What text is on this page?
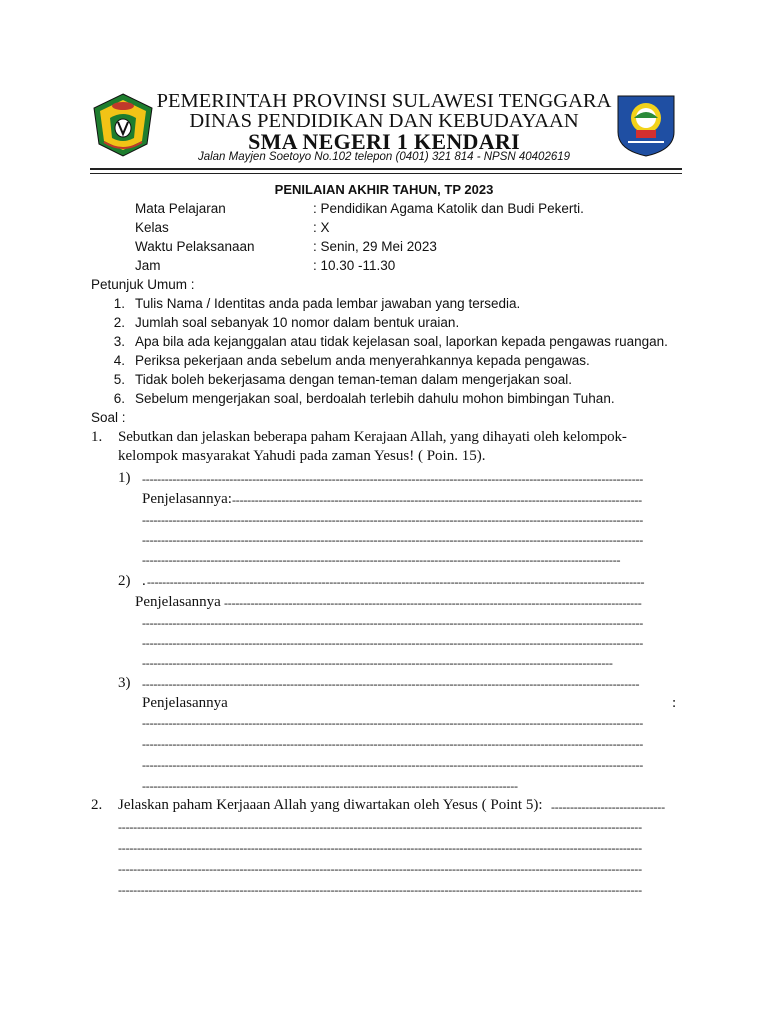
PEMERINTAH PROVINSI SULAWESI TENGGARA
DINAS PENDIDIKAN DAN KEBUDAYAAN
SMA NEGERI 1 KENDARI
Jalan Mayjen Soetoyo No.102 telepon (0401) 321 814 - NPSN 40402619
PENILAIAN AKHIR TAHUN, TP 2023
Mata Pelajaran	: Pendidikan Agama Katolik dan Budi Pekerti.
Kelas	: X
Waktu Pelaksanaan	: Senin, 29 Mei 2023
Jam	: 10.30 -11.30
Petunjuk Umum :
1. Tulis Nama / Identitas anda pada lembar jawaban yang tersedia.
2. Jumlah soal sebanyak 10 nomor dalam bentuk uraian.
3. Apa bila ada kejanggalan atau tidak kejelasan soal, laporkan kepada pengawas ruangan.
4. Periksa pekerjaan anda sebelum anda menyerahkannya kepada pengawas.
5. Tidak boleh bekerjasama dengan teman-teman dalam mengerjakan soal.
6. Sebelum mengerjakan soal, berdoalah terlebih dahulu mohon bimbingan Tuhan.
Soal :
1. Sebutkan dan jelaskan beberapa paham Kerajaan Allah, yang dihayati oleh kelompok-
kelompok masyarakat Yahudi pada zaman Yesus! ( Poin. 15).
1) ------------------------------------------------------------------------------------------------------------------------------------
Penjelasannya: ------------------------------------------------------------------------------------------------------------
------------------------------------------------------------------------------------------------------------------------------------
------------------------------------------------------------------------------------------------------------------------------------
------------------------------------------------------------------------------------------------------------------------------
2) . -----------------------------------------------------------------------------------------------------------------------------------
Penjelasannya --------------------------------------------------------------------------------------------------------------
------------------------------------------------------------------------------------------------------------------------------------
------------------------------------------------------------------------------------------------------------------------------------
----------------------------------------------------------------------------------------------------------------------------
3) -----------------------------------------------------------------------------------------------------------------------------------
Penjelasannya	:
------------------------------------------------------------------------------------------------------------------------------------
------------------------------------------------------------------------------------------------------------------------------------
------------------------------------------------------------------------------------------------------------------------------------
---------------------------------------------------------------------------------------------------
2. Jelaskan paham Kerjaaan Allah yang diwartakan oleh Yesus ( Point 5): ------------------------------
------------------------------------------------------------------------------------------------------------------------------------------
------------------------------------------------------------------------------------------------------------------------------------------
------------------------------------------------------------------------------------------------------------------------------------------
------------------------------------------------------------------------------------------------------------------------------------------
